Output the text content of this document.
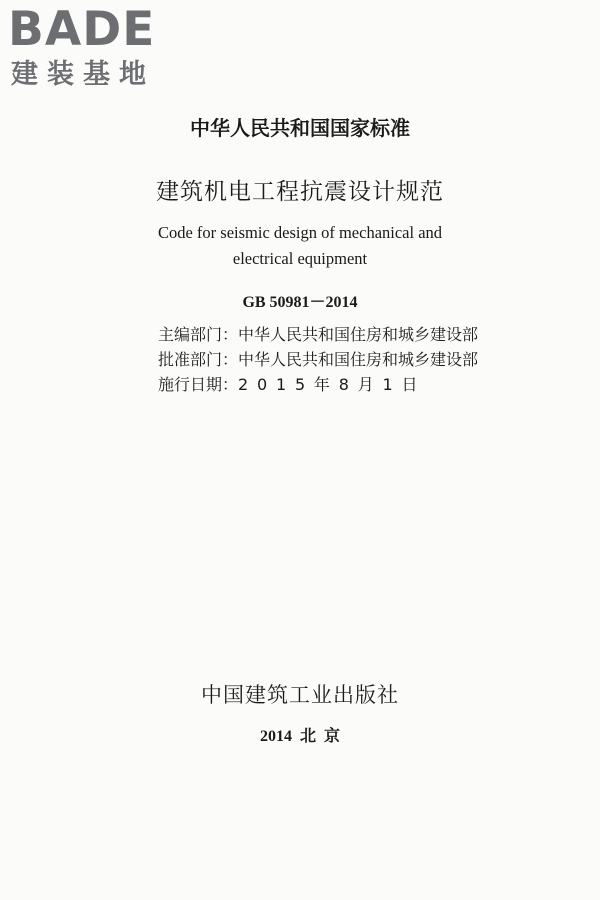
BADE
建装基地
中华人民共和国国家标准
建筑机电工程抗震设计规范
Code for seismic design of mechanical and
electrical equipment
GB 50981－2014
主编部门：中华人民共和国住房和城乡建设部
批准部门：中华人民共和国住房和城乡建设部
施行日期：2015年8月1日
中国建筑工业出版社
2014 北 京
